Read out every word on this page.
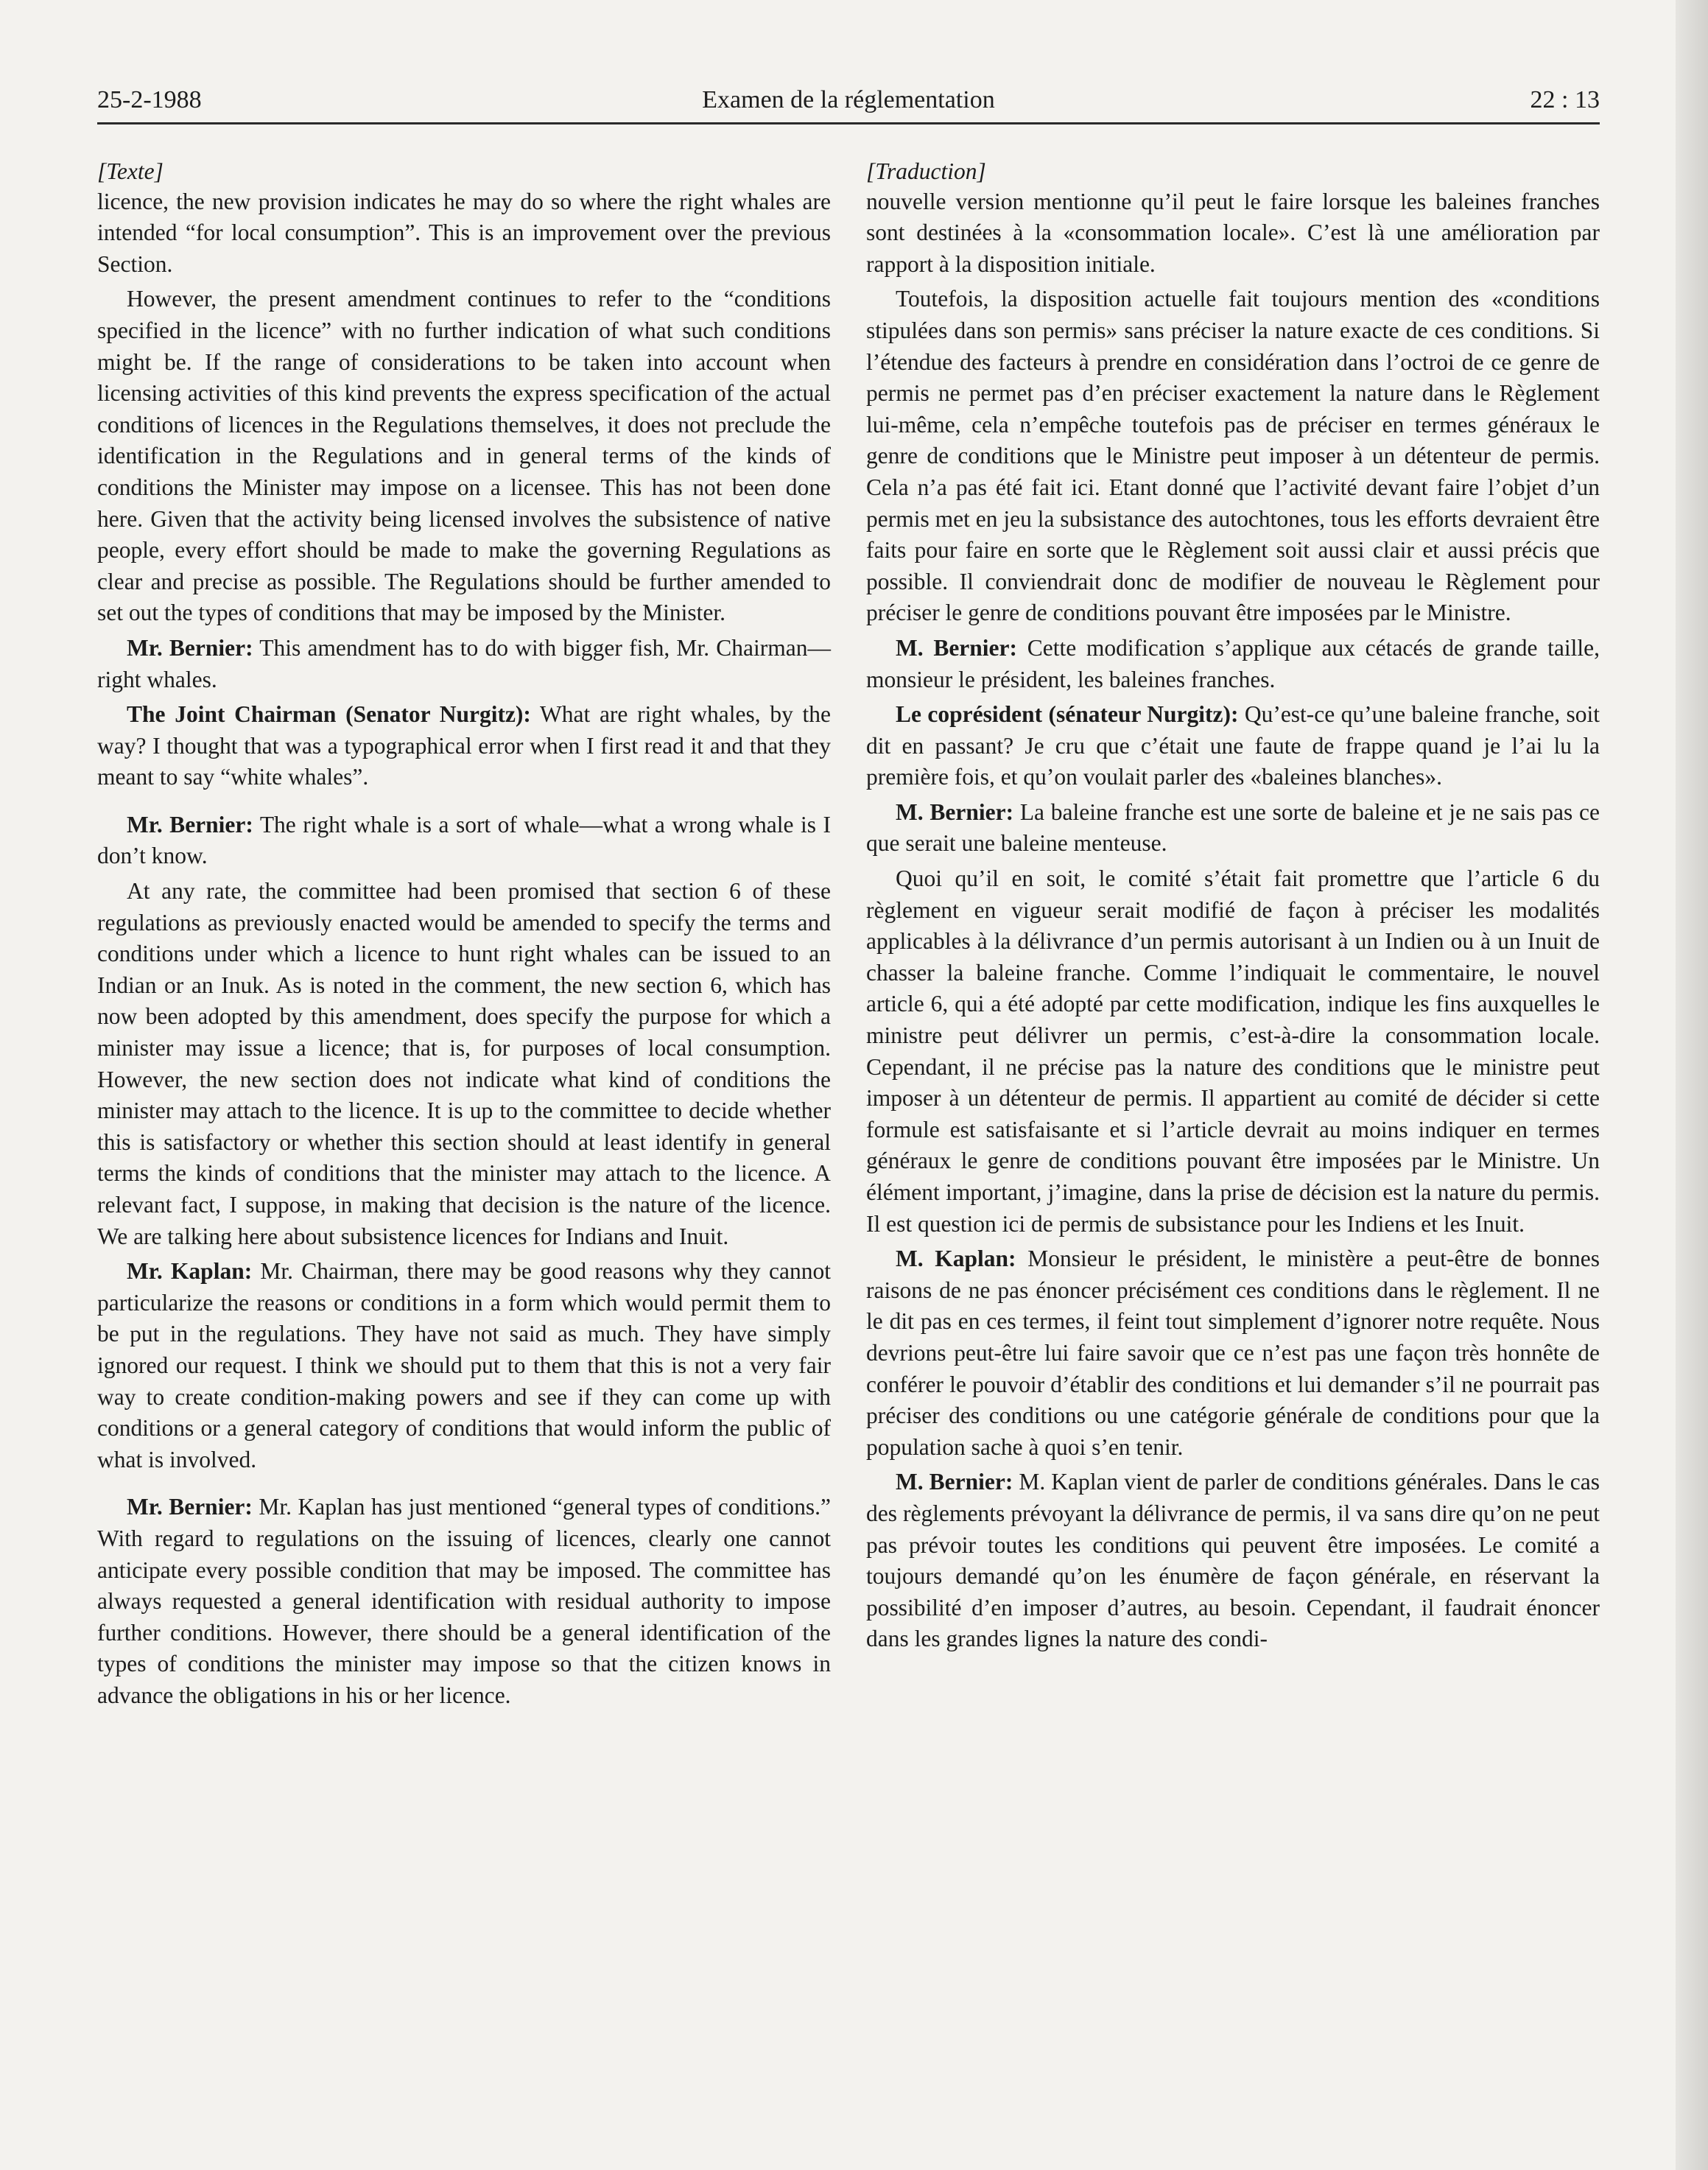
25-2-1988	Examen de la réglementation	22 : 13
[Texte]

licence, the new provision indicates he may do so where the right whales are intended “for local consumption”. This is an improvement over the previous Section.

However, the present amendment continues to refer to the “conditions specified in the licence” with no further indication of what such conditions might be. If the range of considerations to be taken into account when licensing activities of this kind prevents the express specification of the actual conditions of licences in the Regulations themselves, it does not preclude the identification in the Regulations and in general terms of the kinds of conditions the Minister may impose on a licensee. This has not been done here. Given that the activity being licensed involves the subsistence of native people, every effort should be made to make the governing Regulations as clear and precise as possible. The Regulations should be further amended to set out the types of conditions that may be imposed by the Minister.

Mr. Bernier: This amendment has to do with bigger fish, Mr. Chairman—right whales.

The Joint Chairman (Senator Nurgitz): What are right whales, by the way? I thought that was a typographical error when I first read it and that they meant to say “white whales”.

Mr. Bernier: The right whale is a sort of whale—what a wrong whale is I don’t know.

At any rate, the committee had been promised that section 6 of these regulations as previously enacted would be amended to specify the terms and conditions under which a licence to hunt right whales can be issued to an Indian or an Inuk. As is noted in the comment, the new section 6, which has now been adopted by this amendment, does specify the purpose for which a minister may issue a licence; that is, for purposes of local consumption. However, the new section does not indicate what kind of conditions the minister may attach to the licence. It is up to the committee to decide whether this is satisfactory or whether this section should at least identify in general terms the kinds of conditions that the minister may attach to the licence. A relevant fact, I suppose, in making that decision is the nature of the licence. We are talking here about subsistence licences for Indians and Inuit.

Mr. Kaplan: Mr. Chairman, there may be good reasons why they cannot particularize the reasons or conditions in a form which would permit them to be put in the regulations. They have not said as much. They have simply ignored our request. I think we should put to them that this is not a very fair way to create condition-making powers and see if they can come up with conditions or a general category of conditions that would inform the public of what is involved.

Mr. Bernier: Mr. Kaplan has just mentioned “general types of conditions.” With regard to regulations on the issuing of licences, clearly one cannot anticipate every possible condition that may be imposed. The committee has always requested a general identification with residual authority to impose further conditions. However, there should be a general identification of the types of conditions the minister may impose so that the citizen knows in advance the obligations in his or her licence.

[Traduction]

nouvelle version mentionne qu’il peut le faire lorsque les baleines franches sont destinées à la «consommation locale». C’est là une amélioration par rapport à la disposition initiale.

Toutefois, la disposition actuelle fait toujours mention des «conditions stipulées dans son permis» sans préciser la nature exacte de ces conditions. Si l’étendue des facteurs à prendre en considération dans l’octroi de ce genre de permis ne permet pas d’en préciser exactement la nature dans le Règlement lui-même, cela n’empêche toutefois pas de préciser en termes généraux le genre de conditions que le Ministre peut imposer à un détenteur de permis. Cela n’a pas été fait ici. Etant donné que l’activité devant faire l’objet d’un permis met en jeu la subsistance des autochtones, tous les efforts devraient être faits pour faire en sorte que le Règlement soit aussi clair et aussi précis que possible. Il conviendrait donc de modifier de nouveau le Règlement pour préciser le genre de conditions pouvant être imposées par le Ministre.

M. Bernier: Cette modification s’applique aux cétacés de grande taille, monsieur le président, les baleines franches.

Le coprésident (sénateur Nurgitz): Qu’est-ce qu’une baleine franche, soit dit en passant? Je cru que c’était une faute de frappe quand je l’ai lu la première fois, et qu’on voulait parler des «baleines blanches».

M. Bernier: La baleine franche est une sorte de baleine et je ne sais pas ce que serait une baleine menteuse.

Quoi qu’il en soit, le comité s’était fait promettre que l’article 6 du règlement en vigueur serait modifié de façon à préciser les modalités applicables à la délivrance d’un permis autorisant à un Indien ou à un Inuit de chasser la baleine franche. Comme l’indiquait le commentaire, le nouvel article 6, qui a été adopté par cette modification, indique les fins auxquelles le ministre peut délivrer un permis, c’est-à-dire la consommation locale. Cependant, il ne précise pas la nature des conditions que le ministre peut imposer à un détenteur de permis. Il appartient au comité de décider si cette formule est satisfaisante et si l’article devrait au moins indiquer en termes généraux le genre de conditions pouvant être imposées par le Ministre. Un élément important, j’imagine, dans la prise de décision est la nature du permis. Il est question ici de permis de subsistance pour les Indiens et les Inuit.

M. Kaplan: Monsieur le président, le ministère a peut-être de bonnes raisons de ne pas énoncer précisément ces conditions dans le règlement. Il ne le dit pas en ces termes, il feint tout simplement d’ignorer notre requête. Nous devrions peut-être lui faire savoir que ce n’est pas une façon très honnête de conférer le pouvoir d’établir des conditions et lui demander s’il ne pourrait pas préciser des conditions ou une catégorie générale de conditions pour que la population sache à quoi s’en tenir.

M. Bernier: M. Kaplan vient de parler de conditions générales. Dans le cas des règlements prévoyant la délivrance de permis, il va sans dire qu’on ne peut pas prévoir toutes les conditions qui peuvent être imposées. Le comité a toujours demandé qu’on les énumère de façon générale, en réservant la possibilité d’en imposer d’autres, au besoin. Cependant, il faudrait énoncer dans les grandes lignes la nature des condi-
